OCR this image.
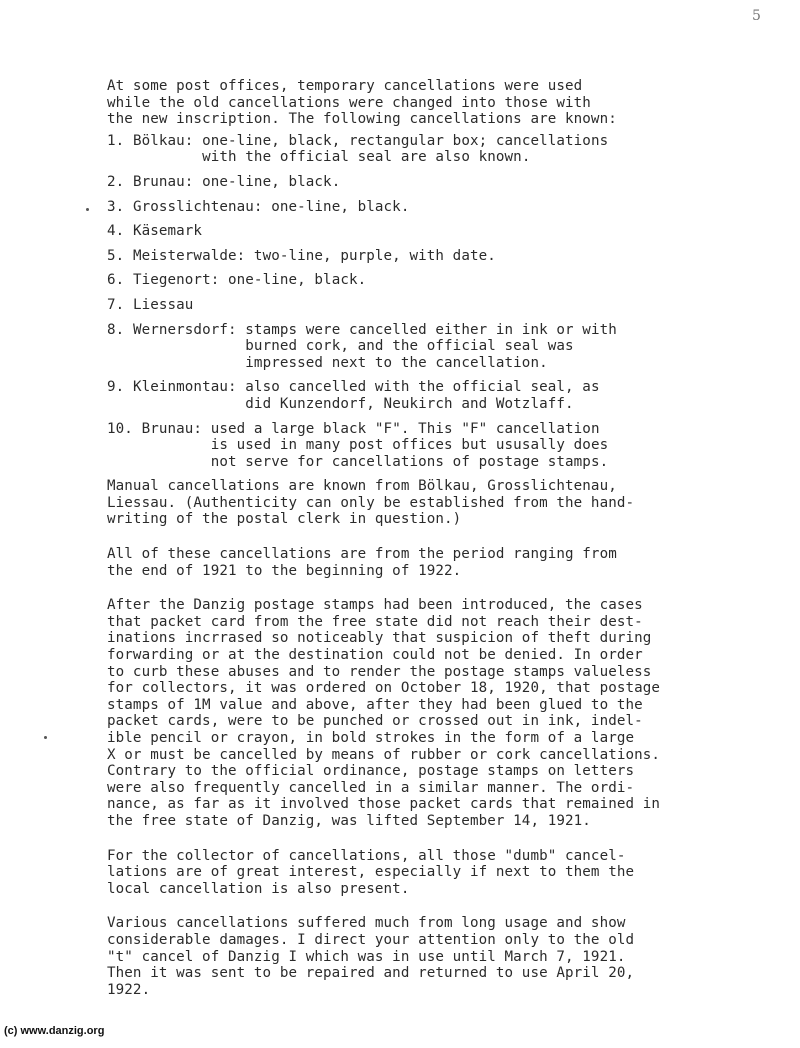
5

At some post offices, temporary cancellations were used
while the old cancellations were changed into those with
the new inscription. The following cancellations are known:

1. Bölkau: one-line, black, rectangular box; cancellations
with the official seal are also known.
2. Brunau: one-line, black.
3. Grosslichtenau: one-line, black.
4. Käsemark
5. Meisterwalde: two-line, purple, with date.
6. Tiegenort: one-line, black.
7. Liessau
8. Wernersdorf: stamps were cancelled either in ink or with
burned cork, and the official seal was
impressed next to the cancellation.
9. Kleinmontau: also cancelled with the official seal, as
did Kunzendorf, Neukirch and Wotzlaff.
10. Brunau: used a large black "F". This "F" cancellation
is used in many post offices but ususally does
not serve for cancellations of postage stamps.

Manual cancellations are known from Bölkau, Grosslichtenau,
Liessau. (Authenticity can only be established from the hand-
writing of the postal clerk in question.)

All of these cancellations are from the period ranging from
the end of 1921 to the beginning of 1922.

After the Danzig postage stamps had been introduced, the cases
that packet card from the free state did not reach their dest-
inations incrrased so noticeably that suspicion of theft during
forwarding or at the destination could not be denied. In order
to curb these abuses and to render the postage stamps valueless
for collectors, it was ordered on October 18, 1920, that postage
stamps of 1M value and above, after they had been glued to the
packet cards, were to be punched or crossed out in ink, indel-
ible pencil or crayon, in bold strokes in the form of a large
X or must be cancelled by means of rubber or cork cancellations.
Contrary to the official ordinance, postage stamps on letters
were also frequently cancelled in a similar manner. The ordi-
nance, as far as it involved those packet cards that remained in
the free state of Danzig, was lifted September 14, 1921.

For the collector of cancellations, all those "dumb" cancel-
lations are of great interest, especially if next to them the
local cancellation is also present.

Various cancellations suffered much from long usage and show
considerable damages. I direct your attention only to the old
"t" cancel of Danzig I which was in use until March 7, 1921.
Then it was sent to be repaired and returned to use April 20,
1922.

(c) www.danzig.org
